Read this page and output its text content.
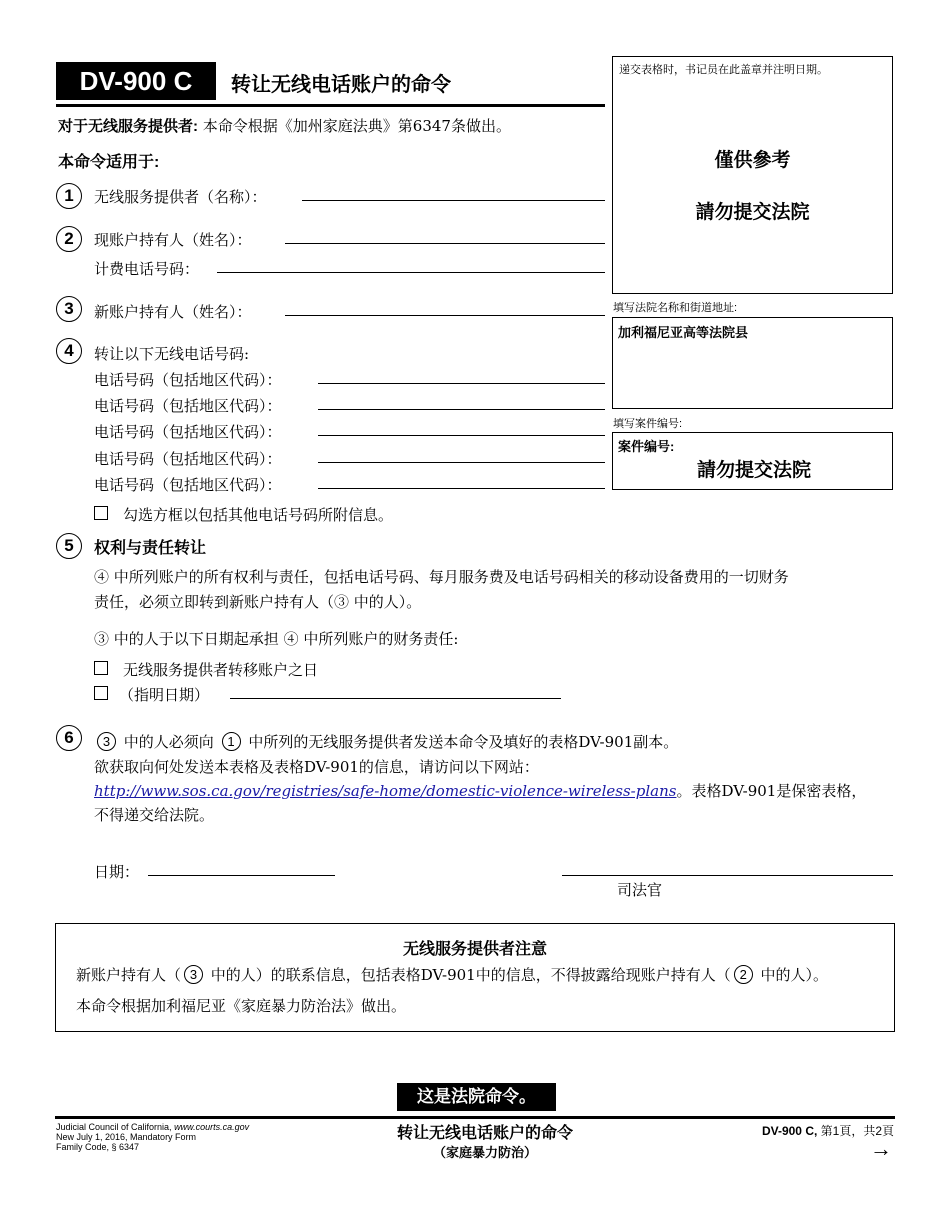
DV-900 C	转让无线电话账户的命令
对于无线服务提供者: 本命令根据《加州家庭法典》第6347条做出。
本命令适用于:
递交表格时，书记员在此盖章并注明日期。
僅供參考
請勿提交法院
填写法院名称和街道地址:
加利福尼亚高等法院县
填写案件编号:
案件编号:
請勿提交法院
1	无线服务提供者（名称）：
2	现账户持有人（姓名）：
计费电话号码：
3	新账户持有人（姓名）：
4	转让以下无线电话号码:
电话号码（包括地区代码）：
电话号码（包括地区代码）：
电话号码（包括地区代码）：
电话号码（包括地区代码）：
电话号码（包括地区代码）：
勾选方框以包括其他电话号码所附信息。
5	权利与责任转让
④ 中所列账户的所有权利与责任，包括电话号码、每月服务费及电话号码相关的移动设备费用的一切财务
责任，必须立即转到新账户持有人（③ 中的人）。
③ 中的人于以下日期起承担 ④ 中所列账户的财务责任:
无线服务提供者转移账户之日
（指明日期）
6	3 中的人必须向 1 中所列的无线服务提供者发送本命令及填好的表格DV-901副本。
欲获取向何处发送本表格及表格DV-901的信息，请访问以下网站：
http://www.sos.ca.gov/registries/safe-home/domestic-violence-wireless-plans。表格DV-901是保密表格，
不得递交给法院。
日期：
司法官
无线服务提供者注意
新账户持有人（ 3 中的人）的联系信息，包括表格DV-901中的信息，不得披露给现账户持有人（ 2 中的人）。
本命令根据加利福尼亚《家庭暴力防治法》做出。
这是法院命令。
Judicial Council of California, www.courts.ca.gov
New July 1, 2016, Mandatory Form
Family Code, § 6347
转让无线电话账户的命令
（家庭暴力防治）
DV-900 C, 第1頁，共2頁
→
